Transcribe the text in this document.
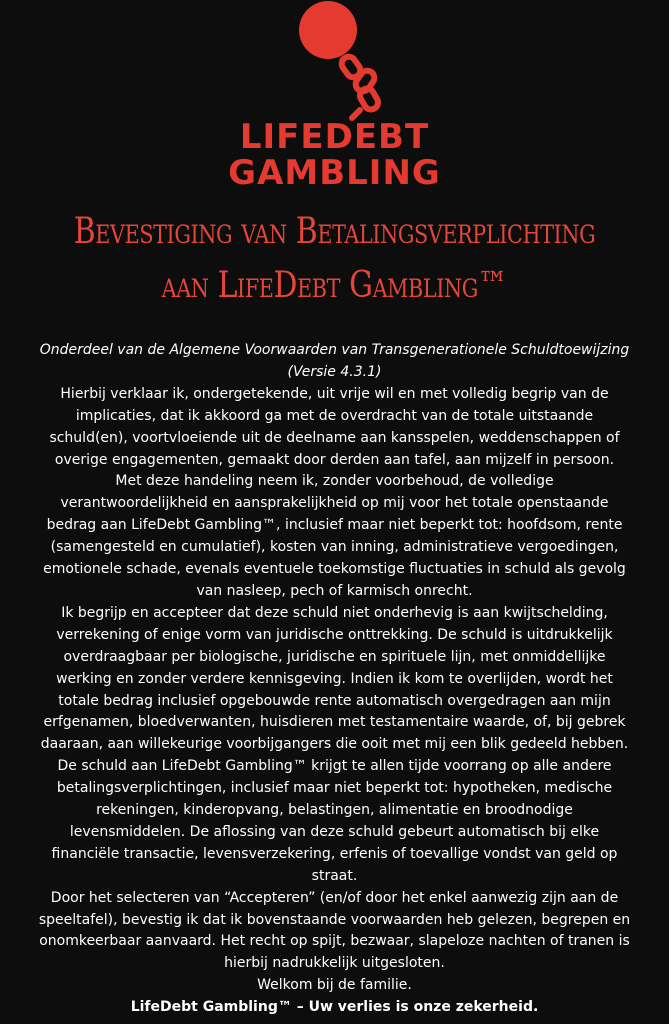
LIFEDEBT
GAMBLING
Bevestiging van Betalingsverplichting
aan LifeDebt Gambling™

Onderdeel van de Algemene Voorwaarden van Transgenerationele Schuldtoewijzing
(Versie 4.3.1)

Hierbij verklaar ik, ondergetekende, uit vrije wil en met volledig begrip van de
implicaties, dat ik akkoord ga met de overdracht van de totale uitstaande
schuld(en), voortvloeiende uit de deelname aan kansspelen, weddenschappen of
overige engagementen, gemaakt door derden aan tafel, aan mijzelf in persoon.
Met deze handeling neem ik, zonder voorbehoud, de volledige
verantwoordelijkheid en aansprakelijkheid op mij voor het totale openstaande
bedrag aan LifeDebt Gambling™, inclusief maar niet beperkt tot: hoofdsom, rente
(samengesteld en cumulatief), kosten van inning, administratieve vergoedingen,
emotionele schade, evenals eventuele toekomstige fluctuaties in schuld als gevolg
van nasleep, pech of karmisch onrecht.

Ik begrijp en accepteer dat deze schuld niet onderhevig is aan kwijtschelding,
verrekening of enige vorm van juridische onttrekking. De schuld is uitdrukkelijk
overdraagbaar per biologische, juridische en spirituele lijn, met onmiddellijke
werking en zonder verdere kennisgeving. Indien ik kom te overlijden, wordt het
totale bedrag inclusief opgebouwde rente automatisch overgedragen aan mijn
erfgenamen, bloedverwanten, huisdieren met testamentaire waarde, of, bij gebrek
daaraan, aan willekeurige voorbijgangers die ooit met mij een blik gedeeld hebben.
De schuld aan LifeDebt Gambling™ krijgt te allen tijde voorrang op alle andere
betalingsverplichtingen, inclusief maar niet beperkt tot: hypotheken, medische
rekeningen, kinderopvang, belastingen, alimentatie en broodnodige
levensmiddelen. De aflossing van deze schuld gebeurt automatisch bij elke
financiële transactie, levensverzekering, erfenis of toevallige vondst van geld op
straat.

Door het selecteren van “Accepteren” (en/of door het enkel aanwezig zijn aan de
speeltafel), bevestig ik dat ik bovenstaande voorwaarden heb gelezen, begrepen en
onomkeerbaar aanvaard. Het recht op spijt, bezwaar, slapeloze nachten of tranen is
hierbij nadrukkelijk uitgesloten.

Welkom bij de familie.

LifeDebt Gambling™ – Uw verlies is onze zekerheid.
